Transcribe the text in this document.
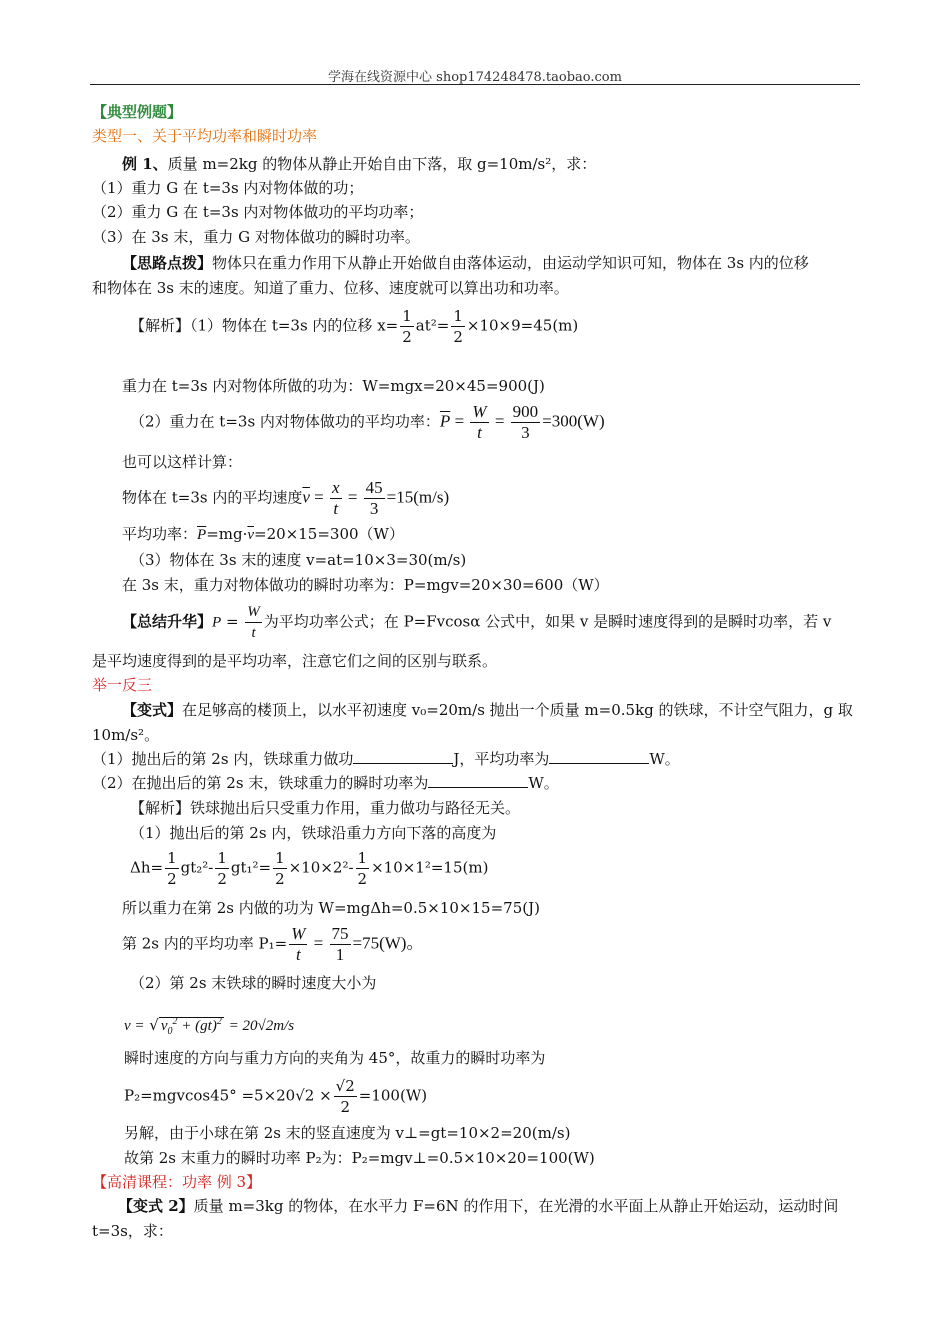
学海在线资源中心 shop174248478.taobao.com
【典型例题】
类型一、关于平均功率和瞬时功率
例 1、质量 m=2kg 的物体从静止开始自由下落，取 g=10m/s²，求：
（1）重力 G 在 t=3s 内对物体做的功；
（2）重力 G 在 t=3s 内对物体做功的平均功率；
（3）在 3s 末，重力 G 对物体做功的瞬时功率。
【思路点拨】物体只在重力作用下从静止开始做自由落体运动，由运动学知识可知，物体在 3s 内的位移
和物体在 3s 末的速度。知道了重力、位移、速度就可以算出功和功率。
【解析】（1）物体在 t=3s 内的位移 $x= \frac{1}{2} at^2= \frac{1}{2} \times 10\times 9=45(m)$
重力在 t=3s 内对物体所做的功为：W=mgx=20×45=900(J)
（2）重力在 t=3s 内对物体做功的平均功率：$\overline{P} = \frac{W}{t} = \frac{900}{3} =300(W)$
也可以这样计算：
物体在 t=3s 内的平均速度$\overline{v} = \frac{x}{t} = \frac{45}{3} =15(m/s)$
平均功率：$\overline{P}=mg\cdot\overline{v}=20\times 15=300(W)$
（3）物体在 3s 末的速度 v=at=10×3=30(m/s)
在 3s 末，重力对物体做功的瞬时功率为：P=mgv=20×30=600（W）
【总结升华】$P = \frac{W}{t}$ 为平均功率公式；在 P=Fvcosα 公式中，如果 v 是瞬时速度得到的是瞬时功率，若 v
是平均速度得到的是平均功率，注意它们之间的区别与联系。
举一反三
【变式】在足够高的楼顶上，以水平初速度 v₀=20m/s 抛出一个质量 m=0.5kg 的铁球，不计空气阻力，g 取
10m/s²。
（1）抛出后的第 2s 内，铁球重力做功	J，平均功率为	W。
（2）在抛出后的第 2s 末，铁球重力的瞬时功率为	W。
【解析】铁球抛出后只受重力作用，重力做功与路径无关。
（1）抛出后的第 2s 内，铁球沿重力方向下落的高度为
$\Delta h= \frac{1}{2} gt_2^2- \frac{1}{2} gt_1^2= \frac{1}{2} \times 10\times 2^2- \frac{1}{2} \times 10\times 1^2=15(m)$
所以重力在第 2s 内做的功为 W=mgΔh=0.5×10×15=75(J)
第 2s 内的平均功率 $P_1= \frac{W}{t} = \frac{75}{1} =75(W)$。
（2）第 2s 末铁球的瞬时速度大小为
v = √ $v_0^2 + (gt)^2 = 20√2m/s$
瞬时速度的方向与重力方向的夹角为 45°，故重力的瞬时功率为
$P_2=mgvcos45^\circ =5\times 20√2 \times \frac{√2}{2} =100(W)$
另解，由于小球在第 2s 末的竖直速度为 v⊥=gt=10×2=20(m/s)
故第 2s 末重力的瞬时功率 P₂为：P₂=mgv⊥=0.5×10×20=100(W)
【高清课程：功率 例 3】
【变式 2】质量 m=3kg 的物体，在水平力 F=6N 的作用下，在光滑的水平面上从静止开始运动，运动时间
t=3s，求：
